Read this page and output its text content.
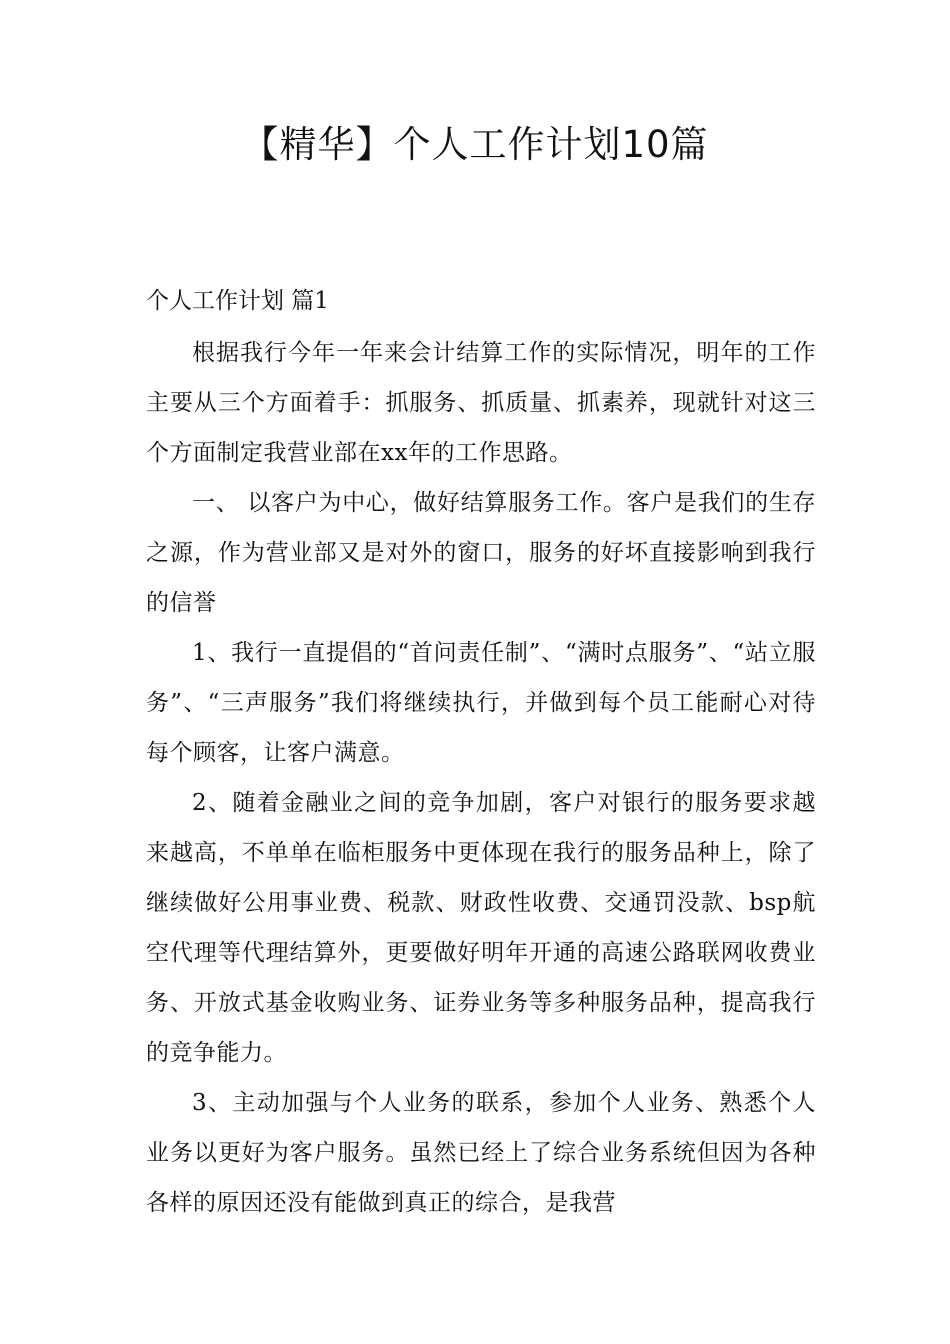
【精华】个人工作计划10篇
个人工作计划 篇1

根据我行今年一年来会计结算工作的实际情况，明年的工作主要从三个方面着手：抓服务、抓质量、抓素养，现就针对这三个方面制定我营业部在xx年的工作思路。

一、 以客户为中心，做好结算服务工作。客户是我们的生存之源，作为营业部又是对外的窗口，服务的好坏直接影响到我行的信誉

1、我行一直提倡的“首问责任制”、“满时点服务”、“站立服务”、“三声服务”我们将继续执行，并做到每个员工能耐心对待每个顾客，让客户满意。

2、随着金融业之间的竞争加剧，客户对银行的服务要求越来越高，不单单在临柜服务中更体现在我行的服务品种上，除了继续做好公用事业费、税款、财政性收费、交通罚没款、bsp航空代理等代理结算外，更要做好明年开通的高速公路联网收费业务、开放式基金收购业务、证券业务等多种服务品种，提高我行的竞争能力。

3、主动加强与个人业务的联系，参加个人业务、熟悉个人业务以更好为客户服务。虽然已经上了综合业务系统但因为各种各样的原因还没有能做到真正的综合，是我营
